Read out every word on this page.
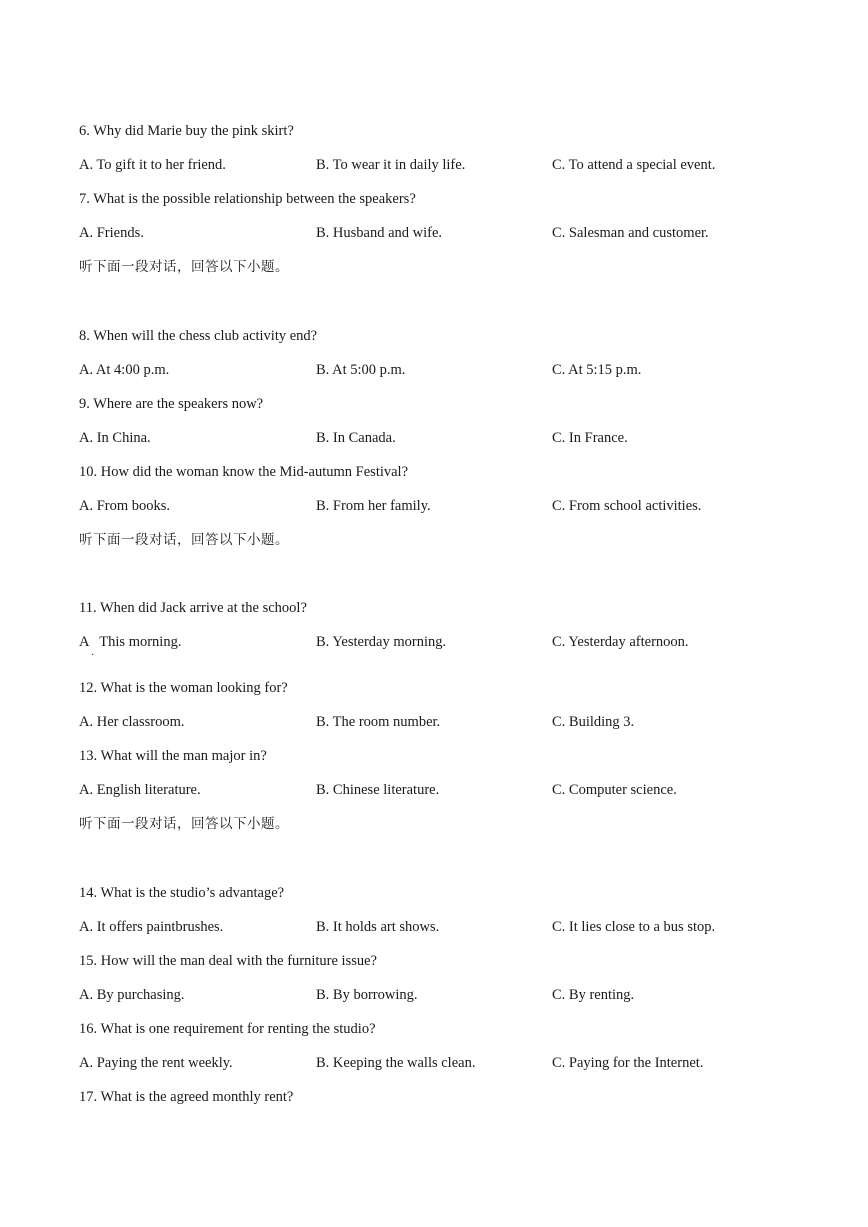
6. Why did Marie buy the pink skirt?
A. To gift it to her friend.	B. To wear it in daily life.	C. To attend a special event.
7. What is the possible relationship between the speakers?
A. Friends.	B. Husband and wife.	C. Salesman and customer.
听下面一段对话，回答以下小题。
8. When will the chess club activity end?
A. At 4:00 p.m.	B. At 5:00 p.m.	C. At 5:15 p.m.
9. Where are the speakers now?
A. In China.	B. In Canada.	C. In France.
10. How did the woman know the Mid-autumn Festival?
A. From books.	B. From her family.	C. From school activities.
听下面一段对话，回答以下小题。
11. When did Jack arrive at the school?
A   This morning.
·
B. Yesterday morning.	C. Yesterday afternoon.
12. What is the woman looking for?
A. Her classroom.	B. The room number.	C. Building 3.
13. What will the man major in?
A. English literature.	B. Chinese literature.	C. Computer science.
听下面一段对话，回答以下小题。
14. What is the studio’s advantage?
A. It offers paintbrushes.	B. It holds art shows.	C. It lies close to a bus stop.
15. How will the man deal with the furniture issue?
A. By purchasing.	B. By borrowing.	C. By renting.
16. What is one requirement for renting the studio?
A. Paying the rent weekly.	B. Keeping the walls clean.	C. Paying for the Internet.
17. What is the agreed monthly rent?
